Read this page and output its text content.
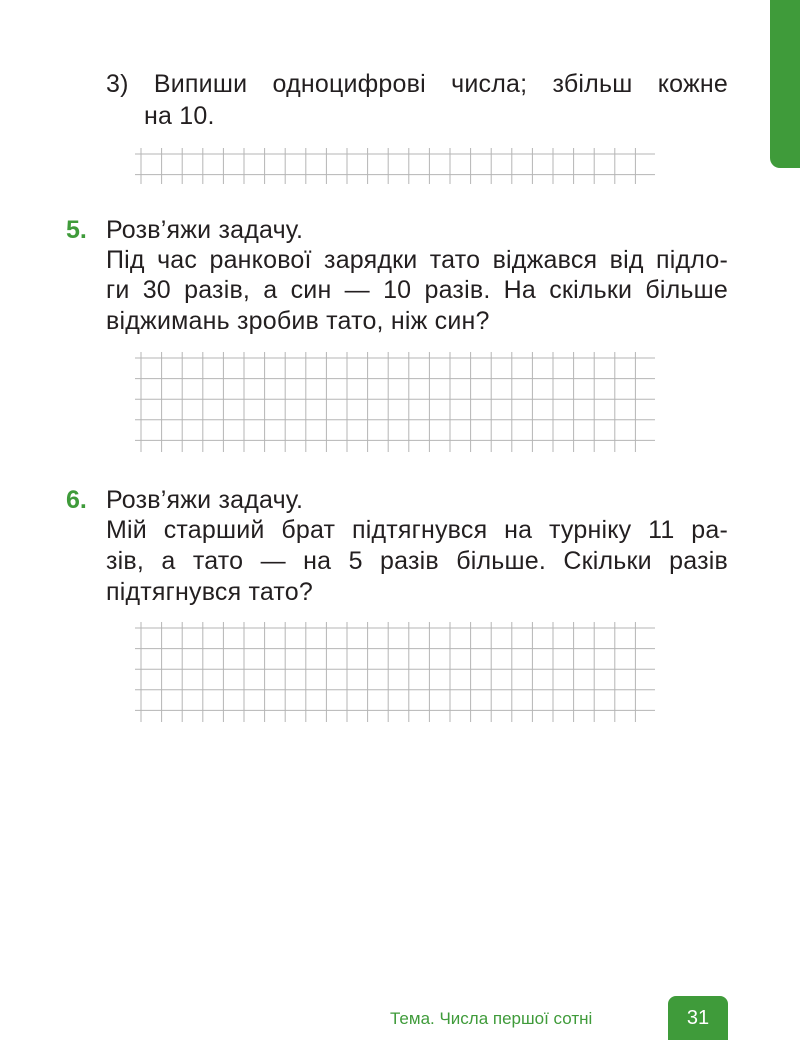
3) Випиши одноцифрові числа; збільш кожне
на 10.
5. Розв’яжи задачу.
Під час ранкової зарядки тато віджався від підло-
ги 30 разів, а син — 10 разів. На скільки більше
віджимань зробив тато, ніж син?
6. Розв’яжи задачу.
Мій старший брат підтягнувся на турніку 11 ра-
зів, а тато — на 5 разів більше. Скільки разів
підтягнувся тато?
Тема. Числа першої сотні	31
